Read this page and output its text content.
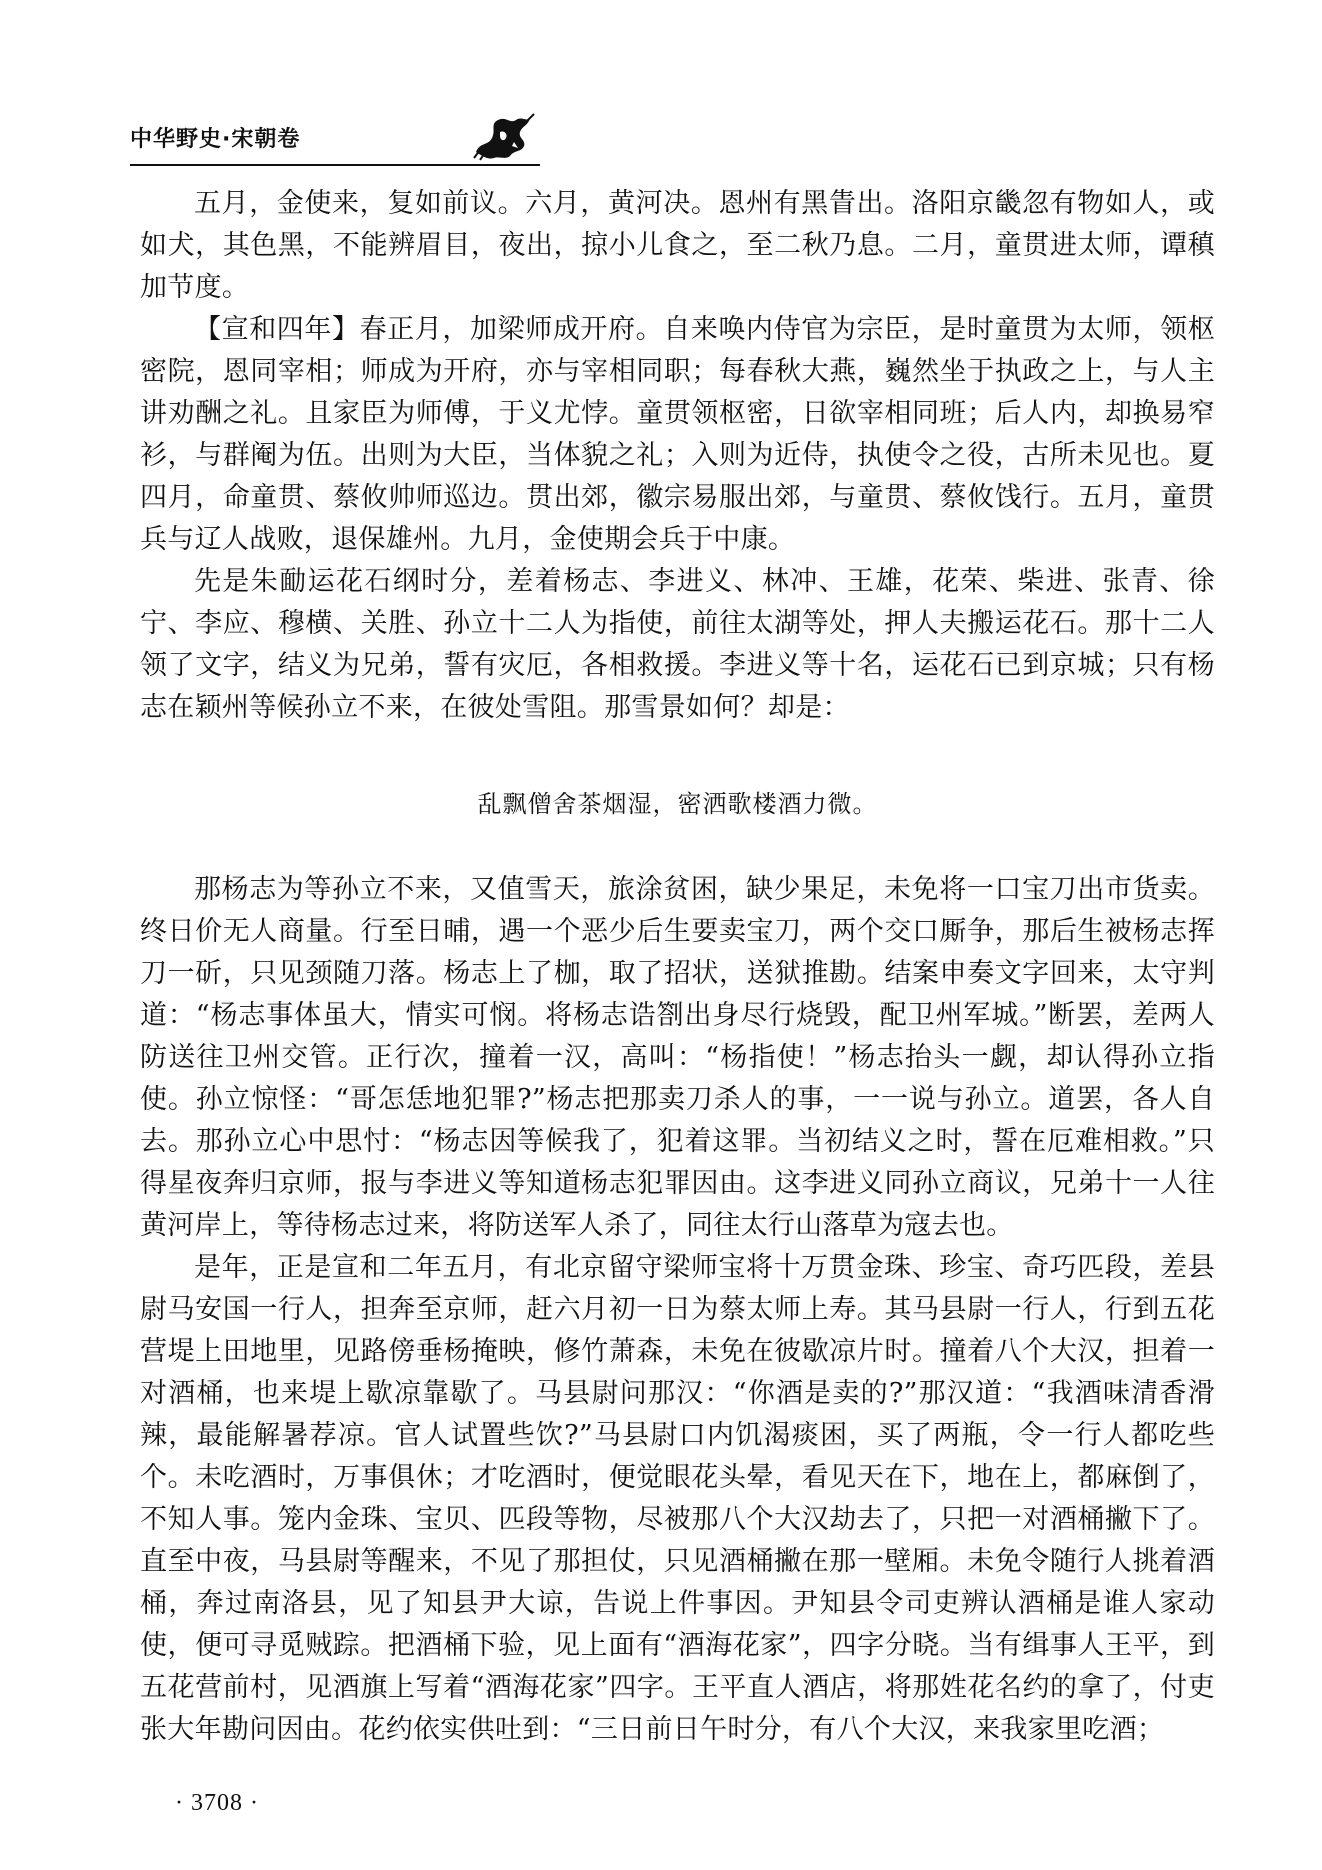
中华野史·宋朝卷

五月，金使来，复如前议。六月，黄河决。恩州有黑眚出。洛阳京畿忽有物如人，或如犬，其色黑，不能辨眉目，夜出，掠小儿食之，至二秋乃息。二月，童贯进太师，谭稹加节度。

【宣和四年】春正月，加梁师成开府。自来唤内侍官为宗臣，是时童贯为太师，领枢密院，恩同宰相；师成为开府，亦与宰相同职；每春秋大燕，巍然坐于执政之上，与人主讲劝酬之礼。且家臣为师傅，于义尤悖。童贯领枢密，日欲宰相同班；后人内，却换易窄衫，与群阉为伍。出则为大臣，当体貌之礼；入则为近侍，执使令之役，古所未见也。夏四月，命童贯、蔡攸帅师巡边。贯出郊，徽宗易服出郊，与童贯、蔡攸饯行。五月，童贯兵与辽人战败，退保雄州。九月，金使期会兵于中康。

先是朱勔运花石纲时分，差着杨志、李进义、林冲、王雄，花荣、柴进、张青、徐宁、李应、穆横、关胜、孙立十二人为指使，前往太湖等处，押人夫搬运花石。那十二人领了文字，结义为兄弟，誓有灾厄，各相救援。李进义等十名，运花石已到京城；只有杨志在颖州等候孙立不来，在彼处雪阻。那雪景如何？却是：

乱飘僧舍茶烟湿，密洒歌楼酒力微。

那杨志为等孙立不来，又值雪天，旅涂贫困，缺少果足，未免将一口宝刀出市货卖。终日价无人商量。行至日晡，遇一个恶少后生要卖宝刀，两个交口厮争，那后生被杨志挥刀一斫，只见颈随刀落。杨志上了枷，取了招状，送狱推勘。结案申奏文字回来，太守判道：“杨志事体虽大，情实可悯。将杨志诰劄出身尽行烧毁，配卫州军城。”断罢，差两人防送往卫州交管。正行次，撞着一汉，高叫：“杨指使！”杨志抬头一觑，却认得孙立指使。孙立惊怪：“哥怎恁地犯罪?”杨志把那卖刀杀人的事，一一说与孙立。道罢，各人自去。那孙立心中思忖：“杨志因等候我了，犯着这罪。当初结义之时，誓在厄难相救。”只得星夜奔归京师，报与李进义等知道杨志犯罪因由。这李进义同孙立商议，兄弟十一人往黄河岸上，等待杨志过来，将防送军人杀了，同往太行山落草为寇去也。

是年，正是宣和二年五月，有北京留守梁师宝将十万贯金珠、珍宝、奇巧匹段，差县尉马安国一行人，担奔至京师，赶六月初一日为蔡太师上寿。其马县尉一行人，行到五花营堤上田地里，见路傍垂杨掩映，修竹萧森，未免在彼歇凉片时。撞着八个大汉，担着一对酒桶，也来堤上歇凉靠歇了。马县尉问那汉：“你酒是卖的?”那汉道：“我酒味清香滑辣，最能解暑荐凉。官人试置些饮?”马县尉口内饥渴痰困，买了两瓶，令一行人都吃些个。未吃酒时，万事俱休；才吃酒时，便觉眼花头晕，看见天在下，地在上，都麻倒了，不知人事。笼内金珠、宝贝、匹段等物，尽被那八个大汉劫去了，只把一对酒桶撇下了。直至中夜，马县尉等醒来，不见了那担仗，只见酒桶撇在那一壁厢。未免令随行人挑着酒桶，奔过南洛县，见了知县尹大谅，告说上件事因。尹知县令司吏辨认酒桶是谁人家动使，便可寻觅贼踪。把酒桶下验，见上面有“酒海花家”，四字分晓。当有缉事人王平，到五花营前村，见酒旗上写着“酒海花家”四字。王平直人酒店，将那姓花名约的拿了，付吏张大年勘问因由。花约依实供吐到：“三日前日午时分，有八个大汉，来我家里吃酒；

· 3708 ·
